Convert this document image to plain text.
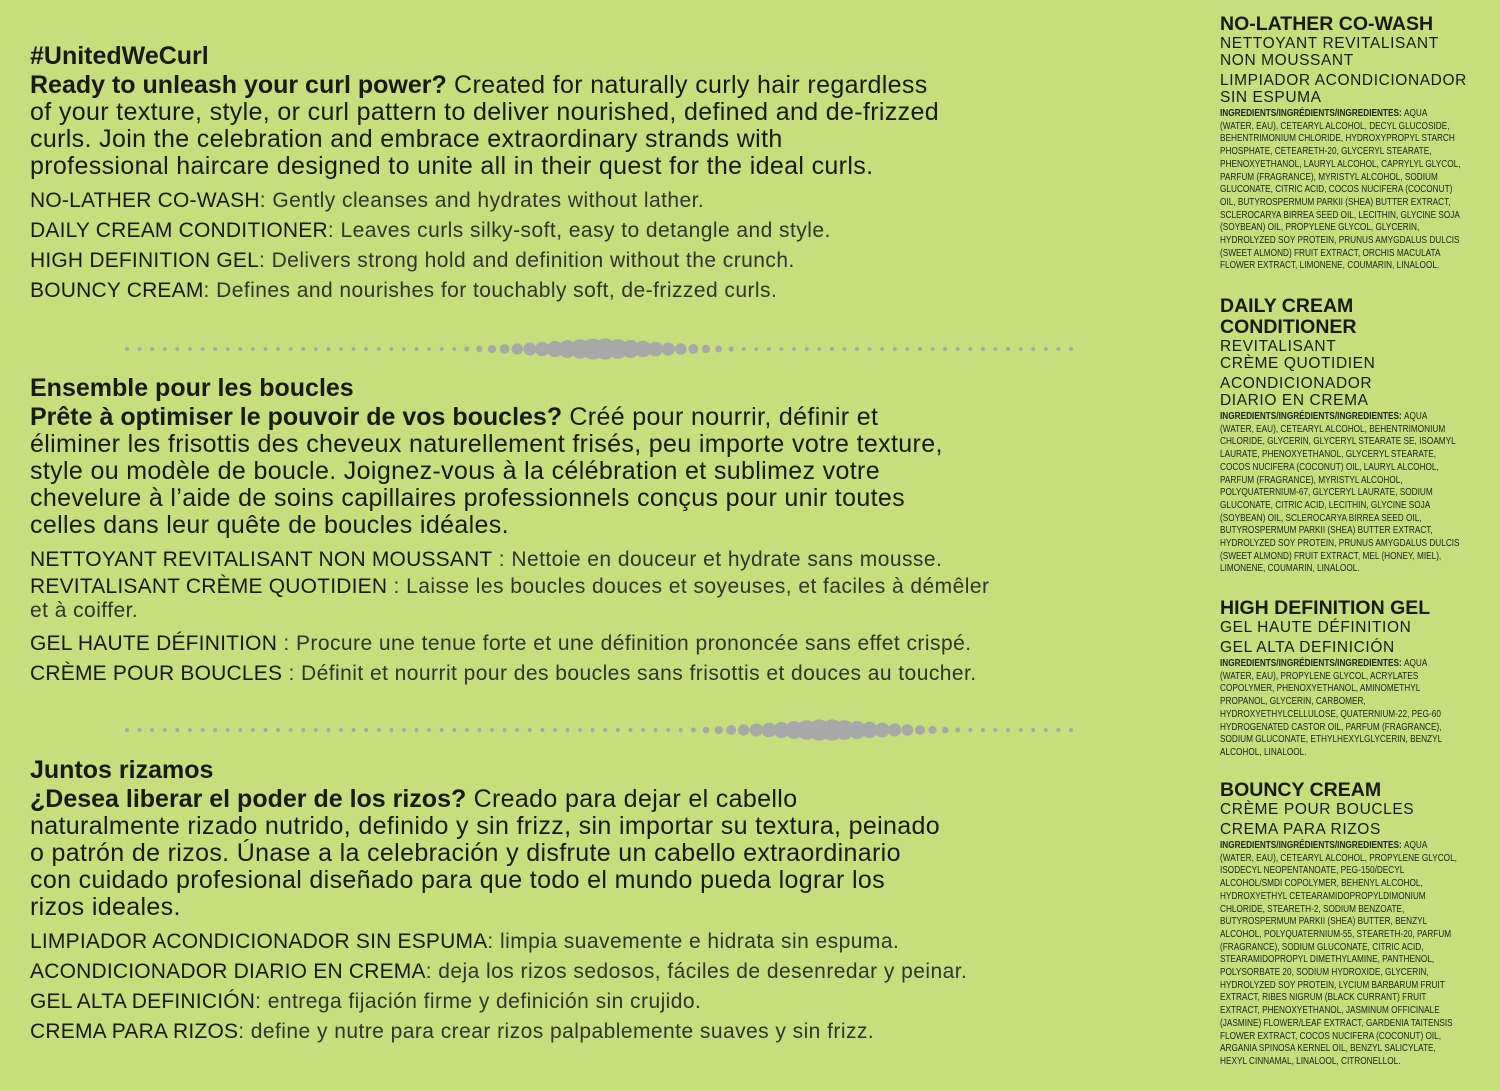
#UnitedWeCurl
Ready to unleash your curl power? Created for naturally curly hair regardless
of your texture, style, or curl pattern to deliver nourished, defined and de-frizzed
curls. Join the celebration and embrace extraordinary strands with
professional haircare designed to unite all in their quest for the ideal curls.

NO-LATHER CO-WASH: Gently cleanses and hydrates without lather.

DAILY CREAM CONDITIONER: Leaves curls silky-soft, easy to detangle and style.

HIGH DEFINITION GEL: Delivers strong hold and definition without the crunch.

BOUNCY CREAM: Defines and nourishes for touchably soft, de-frizzed curls.

Ensemble pour les boucles
Prête à optimiser le pouvoir de vos boucles? Créé pour nourrir, définir et
éliminer les frisottis des cheveux naturellement frisés, peu importe votre texture,
style ou modèle de boucle. Joignez-vous à la célébration et sublimez votre
chevelure à l’aide de soins capillaires professionnels conçus pour unir toutes
celles dans leur quête de boucles idéales.

NETTOYANT REVITALISANT NON MOUSSANT : Nettoie en douceur et hydrate sans mousse.

REVITALISANT CRÈME QUOTIDIEN : Laisse les boucles douces et soyeuses, et faciles à démêler
et à coiffer.

GEL HAUTE DÉFINITION : Procure une tenue forte et une définition prononcée sans effet crispé.

CRÈME POUR BOUCLES : Définit et nourrit pour des boucles sans frisottis et douces au toucher.

Juntos rizamos
¿Desea liberar el poder de los rizos? Creado para dejar el cabello
naturalmente rizado nutrido, definido y sin frizz, sin importar su textura, peinado
o patrón de rizos. Únase a la celebración y disfrute un cabello extraordinario
con cuidado profesional diseñado para que todo el mundo pueda lograr los
rizos ideales.

LIMPIADOR ACONDICIONADOR SIN ESPUMA: limpia suavemente e hidrata sin espuma.

ACONDICIONADOR DIARIO EN CREMA: deja los rizos sedosos, fáciles de desenredar y peinar.

GEL ALTA DEFINICIÓN: entrega fijación firme y definición sin crujido.

CREMA PARA RIZOS: define y nutre para crear rizos palpablemente suaves y sin frizz.

NO-LATHER CO-WASH

NETTOYANT REVITALISANT
NON MOUSSANT

LIMPIADOR ACONDICIONADOR
SIN ESPUMA

INGREDIENTS/INGRÉDIENTS/INGREDIENTES: AQUA
(WATER, EAU), CETEARYL ALCOHOL, DECYL GLUCOSIDE,
BEHENTRIMONIUM CHLORIDE, HYDROXYPROPYL STARCH
PHOSPHATE, CETEARETH-20, GLYCERYL STEARATE,
PHENOXYETHANOL, LAURYL ALCOHOL, CAPRYLYL GLYCOL,
PARFUM (FRAGRANCE), MYRISTYL ALCOHOL, SODIUM
GLUCONATE, CITRIC ACID, COCOS NUCIFERA (COCONUT)
OIL, BUTYROSPERMUM PARKII (SHEA) BUTTER EXTRACT,
SCLEROCARYA BIRREA SEED OIL, LECITHIN, GLYCINE SOJA
(SOYBEAN) OIL, PROPYLENE GLYCOL, GLYCERIN,
HYDROLYZED SOY PROTEIN, PRUNUS AMYGDALUS DULCIS
(SWEET ALMOND) FRUIT EXTRACT, ORCHIS MACULATA
FLOWER EXTRACT, LIMONENE, COUMARIN, LINALOOL.
DAILY CREAM
CONDITIONER

REVITALISANT
CRÈME QUOTIDIEN

ACONDICIONADOR
DIARIO EN CREMA

INGREDIENTS/INGRÉDIENTS/INGREDIENTES: AQUA
(WATER, EAU), CETEARYL ALCOHOL, BEHENTRIMONIUM
CHLORIDE, GLYCERIN, GLYCERYL STEARATE SE, ISOAMYL
LAURATE, PHENOXYETHANOL, GLYCERYL STEARATE,
COCOS NUCIFERA (COCONUT) OIL, LAURYL ALCOHOL,
PARFUM (FRAGRANCE), MYRISTYL ALCOHOL,
POLYQUATERNIUM-67, GLYCERYL LAURATE, SODIUM
GLUCONATE, CITRIC ACID, LECITHIN, GLYCINE SOJA
(SOYBEAN) OIL, SCLEROCARYA BIRREA SEED OIL,
BUTYROSPERMUM PARKII (SHEA) BUTTER EXTRACT,
HYDROLYZED SOY PROTEIN, PRUNUS AMYGDALUS DULCIS
(SWEET ALMOND) FRUIT EXTRACT, MEL (HONEY, MIEL),
LIMONENE, COUMARIN, LINALOOL.
HIGH DEFINITION GEL

GEL HAUTE DÉFINITION

GEL ALTA DEFINICIÓN

INGREDIENTS/INGRÉDIENTS/INGREDIENTES: AQUA
(WATER, EAU), PROPYLENE GLYCOL, ACRYLATES
COPOLYMER, PHENOXYETHANOL, AMINOMETHYL
PROPANOL, GLYCERIN, CARBOMER,
HYDROXYETHYLCELLULOSE, QUATERNIUM-22, PEG-60
HYDROGENATED CASTOR OIL, PARFUM (FRAGRANCE),
SODIUM GLUCONATE, ETHYLHEXYLGLYCERIN, BENZYL
ALCOHOL, LINALOOL.
BOUNCY CREAM

CRÈME POUR BOUCLES

CREMA PARA RIZOS

INGREDIENTS/INGRÉDIENTS/INGREDIENTES: AQUA
(WATER, EAU), CETEARYL ALCOHOL, PROPYLENE GLYCOL,
ISODECYL NEOPENTANOATE, PEG-150/DECYL
ALCOHOL/SMDI COPOLYMER, BEHENYL ALCOHOL,
HYDROXYETHYL CETEARAMIDOPROPYLDIMONIUM
CHLORIDE, STEARETH-2, SODIUM BENZOATE,
BUTYROSPERMUM PARKII (SHEA) BUTTER, BENZYL
ALCOHOL, POLYQUATERNIUM-55, STEARETH-20, PARFUM
(FRAGRANCE), SODIUM GLUCONATE, CITRIC ACID,
STEARAMIDOPROPYL DIMETHYLAMINE, PANTHENOL,
POLYSORBATE 20, SODIUM HYDROXIDE, GLYCERIN,
HYDROLYZED SOY PROTEIN, LYCIUM BARBARUM FRUIT
EXTRACT, RIBES NIGRUM (BLACK CURRANT) FRUIT
EXTRACT, PHENOXYETHANOL, JASMINUM OFFICINALE
(JASMINE) FLOWER/LEAF EXTRACT, GARDENIA TAITENSIS
FLOWER EXTRACT, COCOS NUCIFERA (COCONUT) OIL,
ARGANIA SPINOSA KERNEL OIL, BENZYL SALICYLATE,
HEXYL CINNAMAL, LINALOOL, CITRONELLOL.
